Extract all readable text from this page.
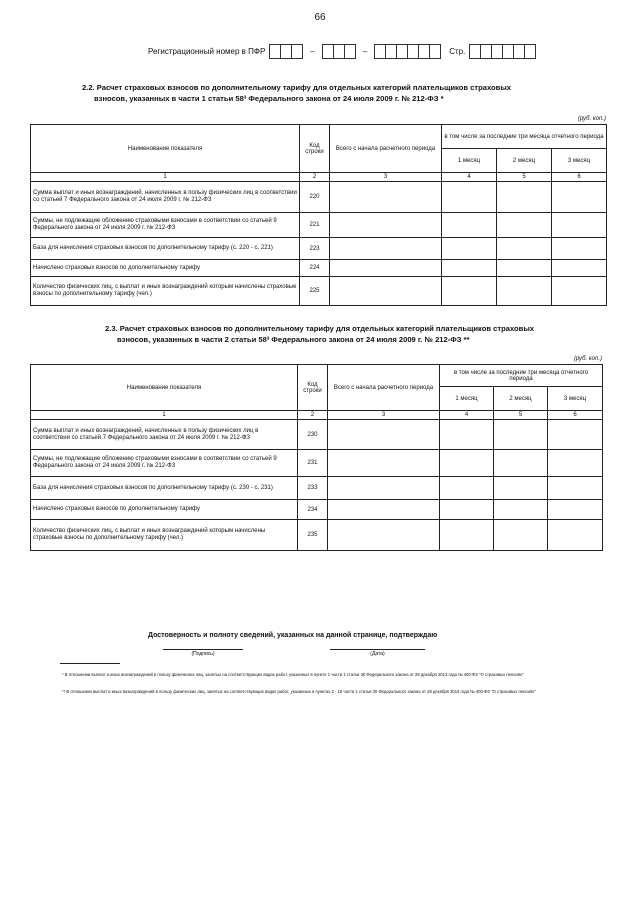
66
Регистрационный номер в ПФР	–	–	Стр.
2.2. Расчет страховых взносов по дополнительному тарифу для отдельных категорий плательщиков страховых
взносов, указанных в части 1 статьи 58³ Федерального закона от 24 июля 2009 г. № 212-ФЗ *
(руб. коп.)
Наименование показателя	Код строки	Всего с начала расчетного периода	в том числе за последние три месяца отчетного периода		
			1 месяц	2 месяц	3 месяц
1	2	3	4	5	6
Сумма выплат и иных вознаграждений, начисленных в пользу физических лиц в соответствии со статьей 7 Федерального закона от 24 июля 2009 г. № 212-ФЗ	220				
Суммы, не подлежащие обложению страховыми взносами в соответствии со статьей 9 Федерального закона от 24 июля 2009 г. № 212-ФЗ	221				
База для начисления страховых взносов по дополнительному тарифу (с. 220 - с. 221)	223				
Начислено страховых взносов по дополнительному тарифу	224				
Количество физических лиц, с выплат и иных вознаграждений которым начислены страховые взносы по дополнительному тарифу (чел.)	225				
2.3. Расчет страховых взносов по дополнительному тарифу для отдельных категорий плательщиков страховых
взносов, указанных в части 2 статьи 58³ Федерального закона от 24 июля 2009 г. № 212-ФЗ **
(руб. коп.)
Наименование показателя	Код строки	Всего с начала расчетного периода	в том числе за последние три месяца отчетного периода		
			1 месяц	2 месяц	3 месяц
1	2	3	4	5	6
Сумма выплат и иных вознаграждений, начисленных в пользу физических лиц в соответствии со статьей 7 Федерального закона от 24 июля 2009 г. № 212-ФЗ	230				
Суммы, не подлежащие обложению страховыми взносами в соответствии со статьей 9 Федерального закона от 24 июля 2009 г. № 212-ФЗ	231				
База для начисления страховых взносов по дополнительному тарифу (с. 230 - с. 231)	233				
Начислено страховых взносов по дополнительному тарифу	234				
Количество физических лиц, с выплат и иных вознаграждений которым начислены страховые взносы по дополнительному тарифу (чел.)	235				
Достоверность и полноту сведений, указанных на данной странице, подтверждаю
(Подпись)	(Дата)
* В отношении выплат и иных вознаграждений в пользу физических лиц, занятых на соответствующих видах работ, указанных в пункте 1 части 1 статьи 30 Федерального закона от 28 декабря 2013 года № 400-ФЗ "О страховых пенсиях"
** В отношении выплат и иных вознаграждений в пользу физических лиц, занятых на соответствующих видах работ, указанных в пунктах 2 - 18 части 1 статьи 30 Федерального закона от 28 декабря 2013 года № 400-ФЗ "О страховых пенсиях"
